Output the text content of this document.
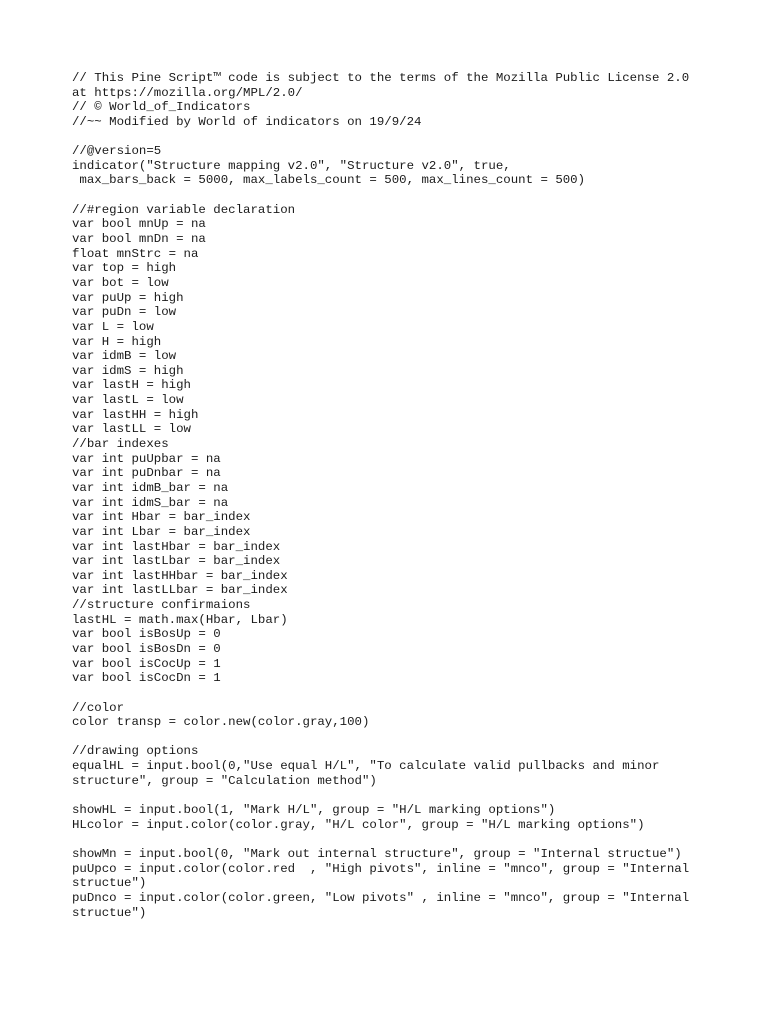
// This Pine Script™ code is subject to the terms of the Mozilla Public License 2.0
at https://mozilla.org/MPL/2.0/
// © World_of_Indicators
//~~ Modified by World of indicators on 19/9/24
//@version=5
indicator("Structure mapping v2.0", "Structure v2.0", true,
max_bars_back = 5000, max_labels_count = 500, max_lines_count = 500)
//#region variable declaration
var bool mnUp = na
var bool mnDn = na
float mnStrc = na
var top = high
var bot = low
var puUp = high
var puDn = low
var L = low
var H = high
var idmB = low
var idmS = high
var lastH = high
var lastL = low
var lastHH = high
var lastLL = low
//bar indexes
var int puUpbar = na
var int puDnbar = na
var int idmB_bar = na
var int idmS_bar = na
var int Hbar = bar_index
var int Lbar = bar_index
var int lastHbar = bar_index
var int lastLbar = bar_index
var int lastHHbar = bar_index
var int lastLLbar = bar_index
//structure confirmaions
lastHL = math.max(Hbar, Lbar)
var bool isBosUp = 0
var bool isBosDn = 0
var bool isCocUp = 1
var bool isCocDn = 1
//color
color transp = color.new(color.gray,100)
//drawing options
equalHL = input.bool(0,"Use equal H/L", "To calculate valid pullbacks and minor
structure", group = "Calculation method")
showHL = input.bool(1, "Mark H/L", group = "H/L marking options")
HLcolor = input.color(color.gray, "H/L color", group = "H/L marking options")
showMn = input.bool(0, "Mark out internal structure", group = "Internal structue")
puUpco = input.color(color.red  , "High pivots", inline = "mnco", group = "Internal
structue")
puDnco = input.color(color.green, "Low pivots" , inline = "mnco", group = "Internal
structue")
